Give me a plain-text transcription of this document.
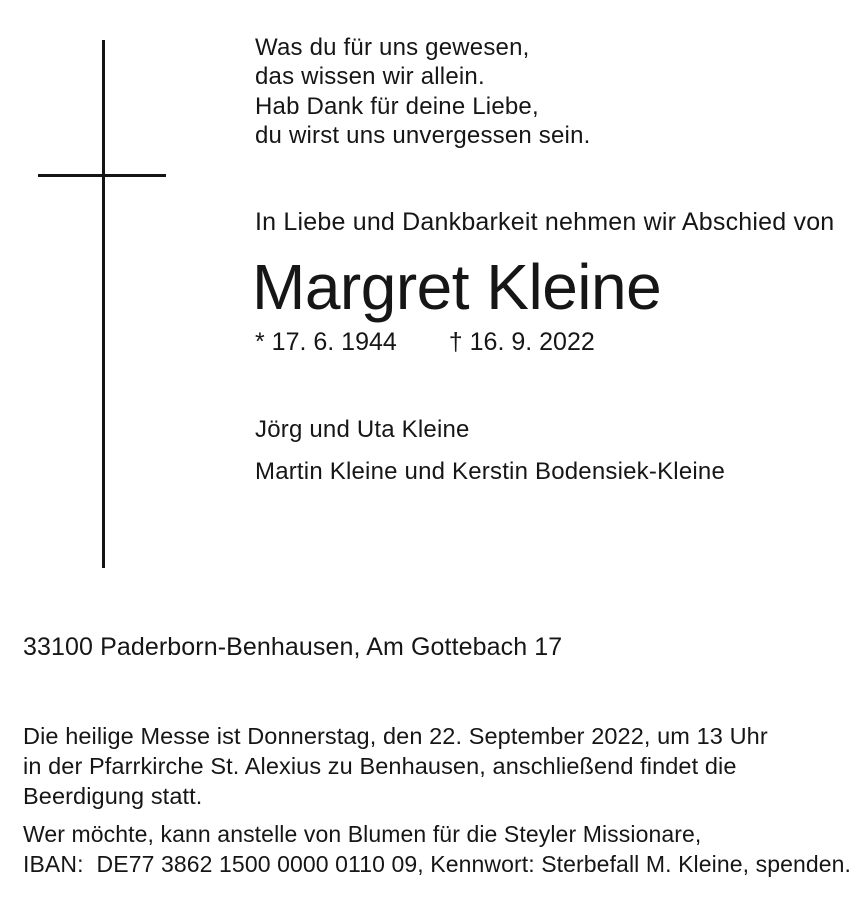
Was du für uns gewesen,
das wissen wir allein.
Hab Dank für deine Liebe,
du wirst uns unvergessen sein.
In Liebe und Dankbarkeit nehmen wir Abschied von
Margret Kleine
* 17. 6. 1944 † 16. 9. 2022
Jörg und Uta Kleine
Martin Kleine und Kerstin Bodensiek-Kleine
33100 Paderborn-Benhausen, Am Gottebach 17
Die heilige Messe ist Donnerstag, den 22. September 2022, um 13 Uhr
in der Pfarrkirche St. Alexius zu Benhausen, anschließend findet die
Beerdigung statt.
Wer möchte, kann anstelle von Blumen für die Steyler Missionare,
IBAN:  DE77 3862 1500 0000 0110 09, Kennwort: Sterbefall M. Kleine, spenden.
